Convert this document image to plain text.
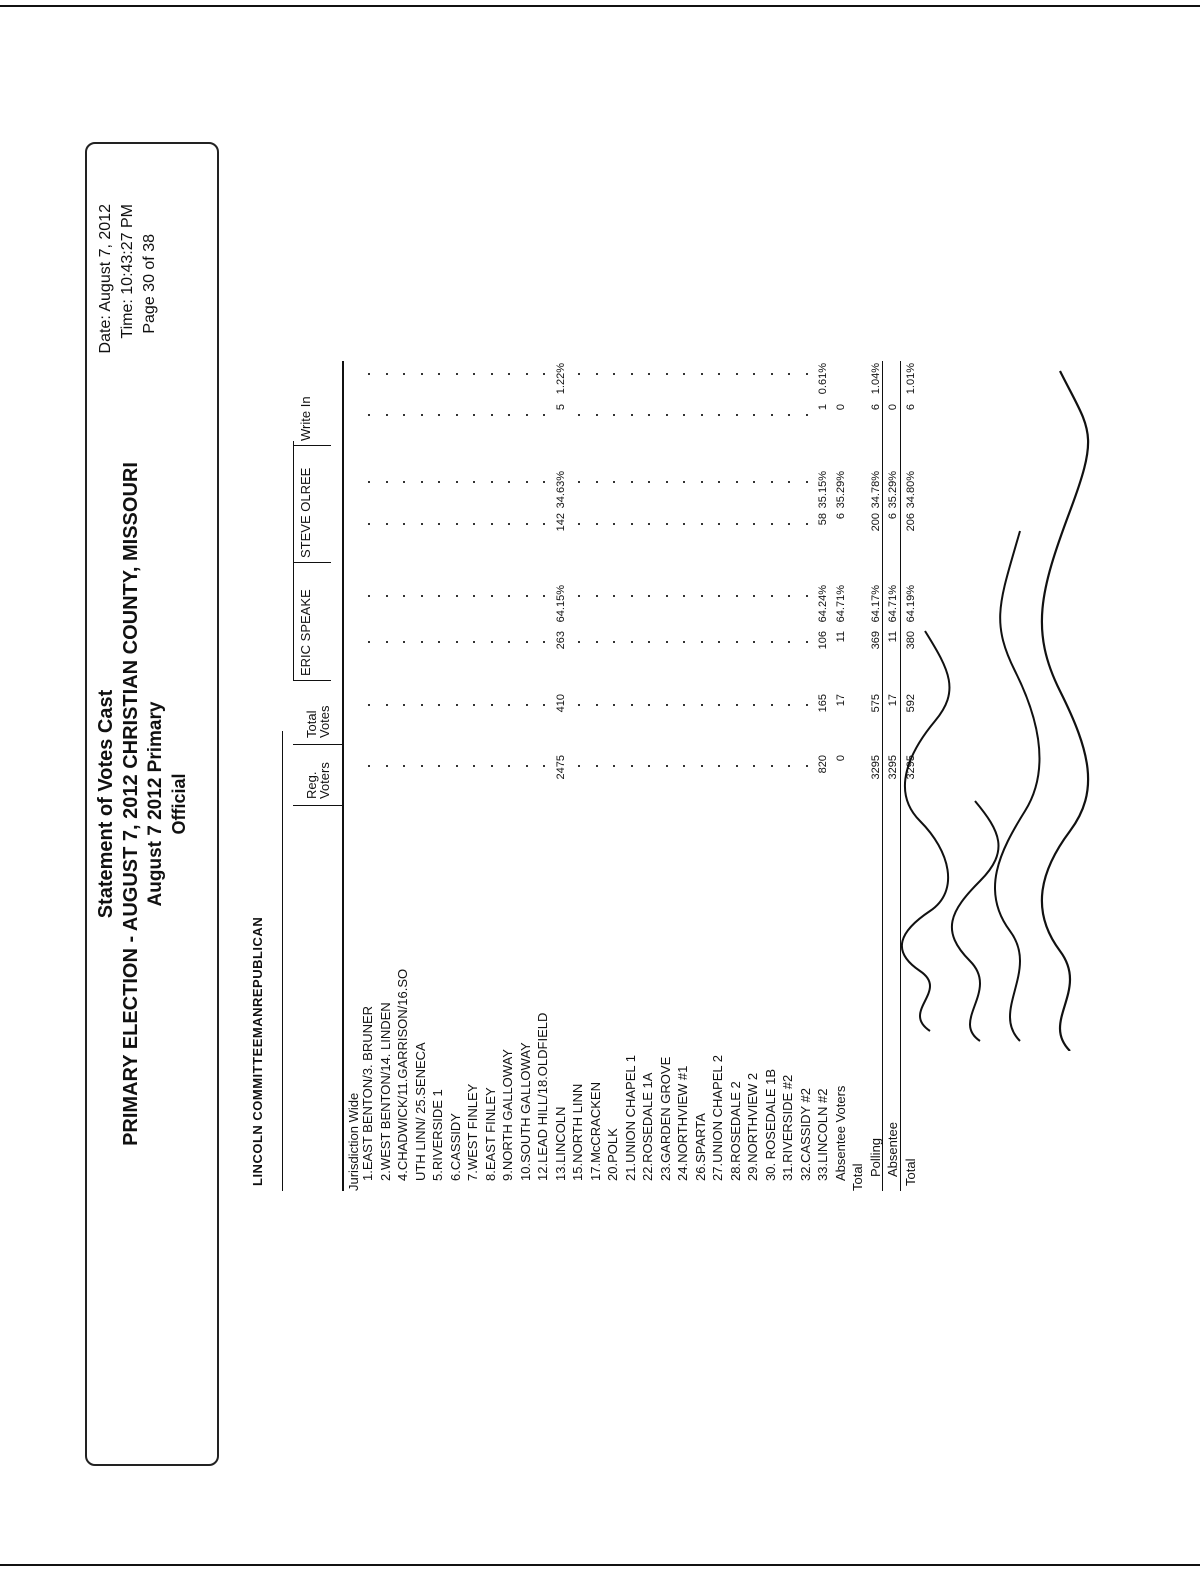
Statement of Votes Cast PRIMARY ELECTION - AUGUST 7, 2012 CHRISTIAN COUNTY, MISSOURI August 7 2012 Primary Official
Date: August 7, 2012 Time: 10:43:27 PM Page 30 of 38
LINCOLN COMMITTEEMANREPUBLICAN	Jurisdiction Wide
Reg.
Voters
Total
Votes
ERIC SPEAKE
STEVE OLREE
Write In
1.EAST BENTON/3. BRUNER 2.WEST BENTON/14. LINDEN 4.CHADWICK/11.GARRISON/16.SO UTH LINN/ 25.SENECA 5.RIVERSIDE 1 6.CASSIDY 7.WEST FINLEY 8.EAST FINLEY 9.NORTH GALLOWAY 10.SOUTH GALLOWAY 12.LEAD HILL/18.OLDFIELD 13.LINCOLN
2475
410
263
64.15%
142
34.63%
5
1.22%
15.NORTH LINN 17.McCRACKEN 20.POLK 21.UNION CHAPEL 1 22.ROSEDALE 1A 23.GARDEN GROVE 24.NORTHVIEW #1 26.SPARTA 27.UNION CHAPEL 2 28.ROSEDALE 2 29.NORTHVIEW 2 30. ROSEDALE 1B 31.RIVERSIDE #2 32.CASSIDY #2 33.LINCOLN #2
820
165
106
64.24%
58
35.15%
1
0.61%
Absentee Voters
0
17
11
64.71%
6
35.29%
0
Total
Polling
3295
575
369
64.17%
200
34.78%
6
1.04%
Absentee
3295
17
11
64.71%
6
35.29%
0
Total
3295
592
380
64.19%
206
34.80%
6
1.01%
